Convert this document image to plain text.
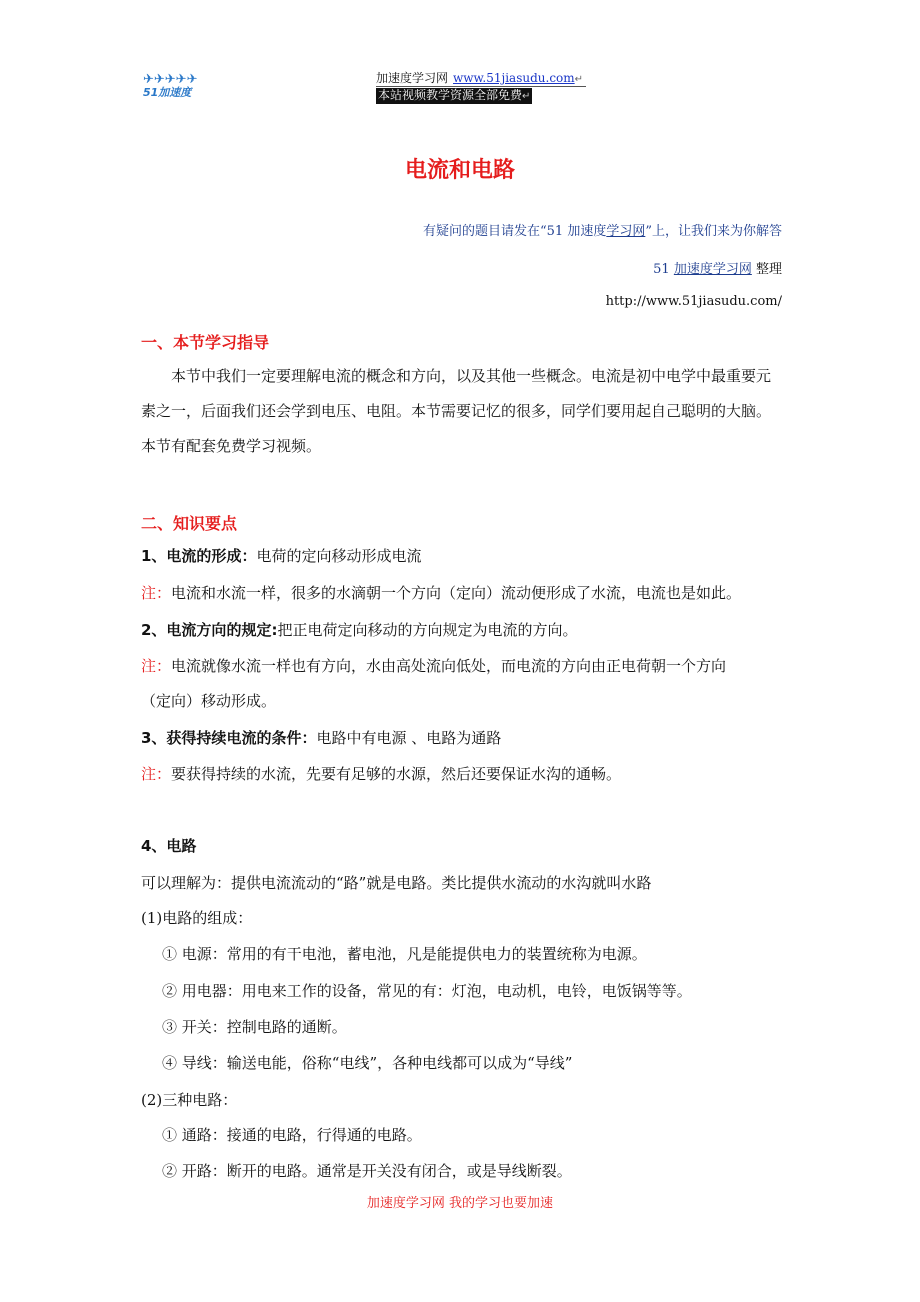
✈✈✈✈✈
51加速度
加速度学习网 www.51jiasudu.com↵
本站视频教学资源全部免费↵
电流和电路
有疑问的题目请发在“51 加速度学习网”上，让我们来为你解答
51 加速度学习网 整理
http://www.51jiasudu.com/
一、本节学习指导
本节中我们一定要理解电流的概念和方向，以及其他一些概念。电流是初中电学中最重要元素之一，后面我们还会学到电压、电阻。本节需要记忆的很多，同学们要用起自己聪明的大脑。本节有配套免费学习视频。
二、知识要点
1、电流的形成：电荷的定向移动形成电流
注：电流和水流一样，很多的水滴朝一个方向（定向）流动便形成了水流，电流也是如此。
2、电流方向的规定:把正电荷定向移动的方向规定为电流的方向。
注：电流就像水流一样也有方向，水由高处流向低处，而电流的方向由正电荷朝一个方向
（定向）移动形成。
3、获得持续电流的条件：电路中有电源 、电路为通路
注：要获得持续的水流，先要有足够的水源，然后还要保证水沟的通畅。
4、电路
可以理解为：提供电流流动的“路”就是电路。类比提供水流动的水沟就叫水路
(1)电路的组成：
① 电源：常用的有干电池，蓄电池，凡是能提供电力的装置统称为电源。
② 用电器：用电来工作的设备，常见的有：灯泡，电动机，电铃，电饭锅等等。
③ 开关：控制电路的通断。
④ 导线：输送电能，俗称“电线”，各种电线都可以成为“导线”
(2)三种电路：
① 通路：接通的电路，行得通的电路。
② 开路：断开的电路。通常是开关没有闭合，或是导线断裂。
加速度学习网 我的学习也要加速
